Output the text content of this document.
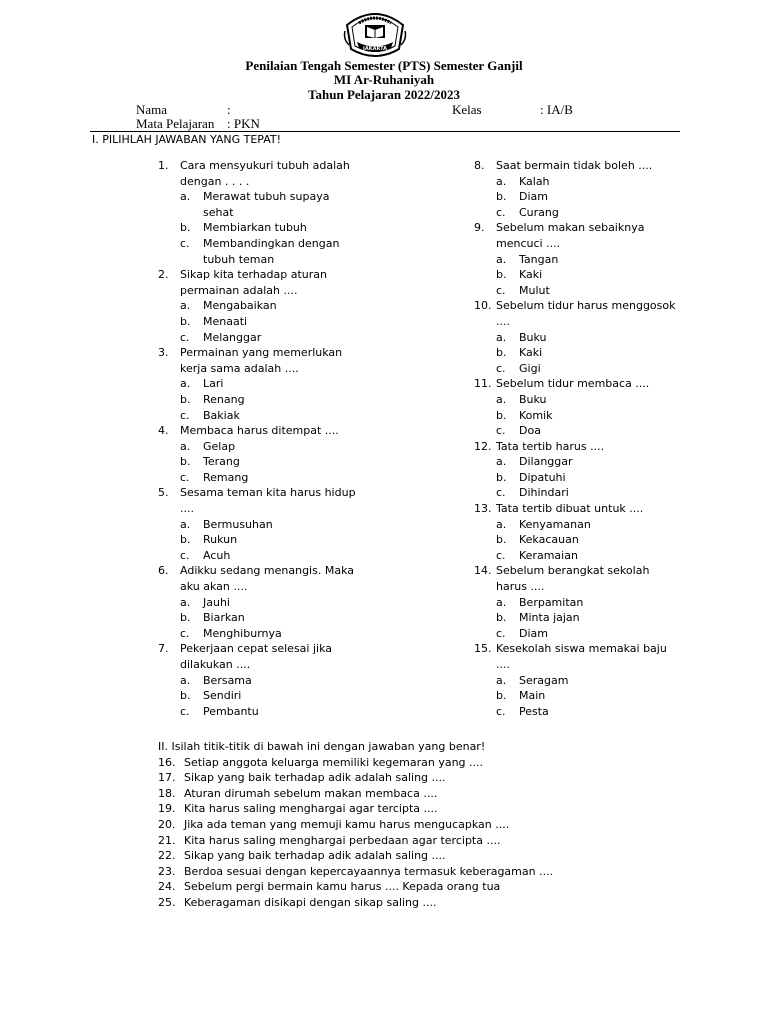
JAKARTA
Penilaian Tengah Semester (PTS) Semester Ganjil
MI Ar-Ruhaniyah
Tahun Pelajaran 2022/2023
Nama	:	Kelas	: IA/B
Mata Pelajaran : PKN
I. PILIHLAH JAWABAN YANG TEPAT!
1. Cara mensyukuri tubuh adalah
dengan . . . .
a. Merawat tubuh supaya
sehat
b. Membiarkan tubuh
c. Membandingkan dengan
tubuh teman
2. Sikap kita terhadap aturan
permainan adalah ....
a. Mengabaikan
b. Menaati
c. Melanggar
3. Permainan yang memerlukan
kerja sama adalah ....
a. Lari
b. Renang
c. Bakiak
4. Membaca harus ditempat ....
a. Gelap
b. Terang
c. Remang
5. Sesama teman kita harus hidup
....
a. Bermusuhan
b. Rukun
c. Acuh
6. Adikku sedang menangis. Maka
aku akan ....
a. Jauhi
b. Biarkan
c. Menghiburnya
7. Pekerjaan cepat selesai jika
dilakukan ....
a. Bersama
b. Sendiri
c. Pembantu
8. Saat bermain tidak boleh ....
a. Kalah
b. Diam
c. Curang
9. Sebelum makan sebaiknya
mencuci ....
a. Tangan
b. Kaki
c. Mulut
10. Sebelum tidur harus menggosok
....
a. Buku
b. Kaki
c. Gigi
11. Sebelum tidur membaca ....
a. Buku
b. Komik
c. Doa
12. Tata tertib harus ....
a. Dilanggar
b. Dipatuhi
c. Dihindari
13. Tata tertib dibuat untuk ....
a. Kenyamanan
b. Kekacauan
c. Keramaian
14. Sebelum berangkat sekolah
harus ....
a. Berpamitan
b. Minta jajan
c. Diam
15. Kesekolah siswa memakai baju
....
a. Seragam
b. Main
c. Pesta
II. Isilah titik-titik di bawah ini dengan jawaban yang benar!
16. Setiap anggota keluarga memiliki kegemaran yang ....
17. Sikap yang baik terhadap adik adalah saling ....
18. Aturan dirumah sebelum makan membaca ....
19. Kita harus saling menghargai agar tercipta ....
20. Jika ada teman yang memuji kamu harus mengucapkan ....
21. Kita harus saling menghargai perbedaan agar tercipta ....
22. Sikap yang baik terhadap adik adalah saling ....
23. Berdoa sesuai dengan kepercayaannya termasuk keberagaman ....
24. Sebelum pergi bermain kamu harus .... Kepada orang tua
25. Keberagaman disikapi dengan sikap saling ....
